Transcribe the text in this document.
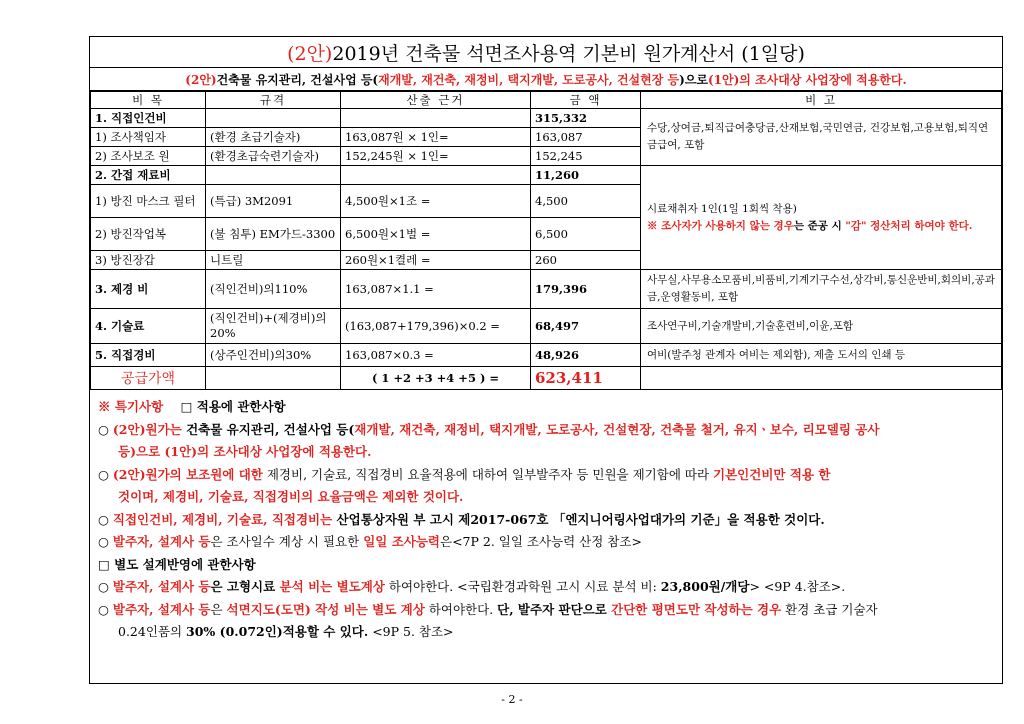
(2안) 2019년 건축물 석면조사용역 기본비 원가계산서 (1일당)
(2안) 건축물 유지관리, 건설사업 등( 재개발, 재건축, 재정비, 택지개발, 도로공사, 건설현장 등 )으로 (1안)의 조사대상 사업장에 적용한다.
비 목	규격	산출 근거	금 액	비 고
1. 직접인건비			315,332	수당,상여금,퇴직급여충당금,산재보험,국민연금, 건강보험,고용보험,퇴직연금급여, 포함
1) 조사책임자	(환경 초급기술자)	163,087원 × 1인=	163,087	
2) 조사보조 원	(환경초급숙련기술자)	152,245원 × 1인=	152,245	
2. 간접 재료비			11,260	시료채취자 1인(1일 1회씩 착용)
※ 조사자가 사용하지 않는 경우는 준공 시 "감" 정산처리 하여야 한다.

1) 방진 마스크 필터	(특급) 3M2091	4,500원×1조 =	4,500	
2) 방진작업복	(불 침투) EM가드-3300	6,500원×1벌 =	6,500	
3) 방진장갑	니트릴	260원×1켤레 =	260	
3. 제경 비	(직인건비)의110%	163,087×1.1 =	179,396	사무실,사무용소모품비,비품비,기계기구수선,상각비,통신운반비,회의비,공과금,운영활동비, 포함
4. 기술료	(직인건비)+(제경비)의20%	(163,087+179,396)×0.2 =	68,497	조사연구비,기술개발비,기술훈련비,이윤,포함
5. 직접경비	(상주인건비)의30%	163,087×0.3 =	48,926	여비(발주청 관계자 여비는 제외함), 제출 도서의 인쇄 등
공급가액		( 1 +2 +3 +4 +5 ) =	623,411	
※ 특기사항 □ 적용에 관한사항
○ (2안)원가는 건축물 유지관리, 건설사업 등(재개발, 재건축, 재정비, 택지개발, 도로공사, 건설현장, 건축물 철거, 유지ㆍ보수, 리모델링 공사
등)으로 (1안)의 조사대상 사업장에 적용한다.
○ (2안)원가의 보조원에 대한 제경비, 기술료, 직접경비 요율적용에 대하여 일부발주자 등 민원을 제기함에 따라 기본인건비만 적용 한
것이며, 제경비, 기술료, 직접경비의 요율금액은 제외한 것이다.
○ 직접인건비, 제경비, 기술료, 직접경비는 산업통상자원 부 고시 제2017-067호 「엔지니어링사업대가의 기준」을 적용한 것이다.
○ 발주자, 설계사 등은 조사일수 계상 시 필요한 일일 조사능력은<7P 2. 일일 조사능력 산정 참조>
□ 별도 설계반영에 관한사항
○ 발주자, 설계사 등은 고형시료 분석 비는 별도계상 하여야한다. <국립환경과학원 고시 시료 분석 비: 23,800원/개당> <9P 4.참조>.
○ 발주자, 설계사 등은 석면지도(도면) 작성 비는 별도 계상 하여야한다. 단, 발주자 판단으로 간단한 평면도만 작성하는 경우 환경 초급 기술자
0.24인품의 30% (0.072인)적용할 수 있다. <9P 5. 참조>
- 2 -
